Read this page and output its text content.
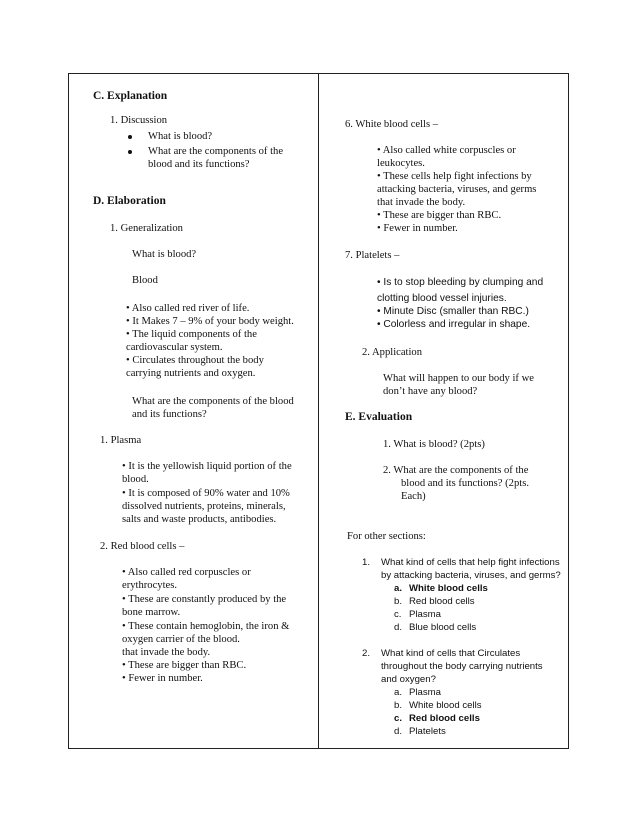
C. Explanation
1. Discussion
What is blood?
What are the components of the
blood and its functions?
D. Elaboration
1. Generalization
What is blood?
Blood
• Also called red river of life.
• It Makes 7 – 9% of your body weight.
• The liquid components of the
cardiovascular system.
• Circulates throughout the body
carrying nutrients and oxygen.
What are the components of the blood
and its functions?
1. Plasma
• It is the yellowish liquid portion of the
blood.
• It is composed of 90% water and 10%
dissolved nutrients, proteins, minerals,
salts and waste products, antibodies.
2. Red blood cells –
• Also called red corpuscles or
erythrocytes.
• These are constantly produced by the
bone marrow.
• These contain hemoglobin, the iron &
oxygen carrier of the blood.
that invade the body.
• These are bigger than RBC.
• Fewer in number.
6. White blood cells –
• Also called white corpuscles or
leukocytes.
• These cells help fight infections by
attacking bacteria, viruses, and germs
that invade the body.
• These are bigger than RBC.
• Fewer in number.
7. Platelets –
• Is to stop bleeding by clumping and
clotting blood vessel injuries.
• Minute Disc (smaller than RBC.)
• Colorless and irregular in shape.
2. Application
What will happen to our body if we
don’t have any blood?
E. Evaluation
1. What is blood? (2pts)
2. What are the components of the
blood and its functions? (2pts.
Each)
For other sections:
1. What kind of cells that help fight infections
by attacking bacteria, viruses, and germs?
a. White blood cells
b. Red blood cells
c. Plasma
d. Blue blood cells
2. What kind of cells that Circulates
throughout the body carrying nutrients
and oxygen?
a. Plasma
b. White blood cells
c. Red blood cells
d. Platelets
